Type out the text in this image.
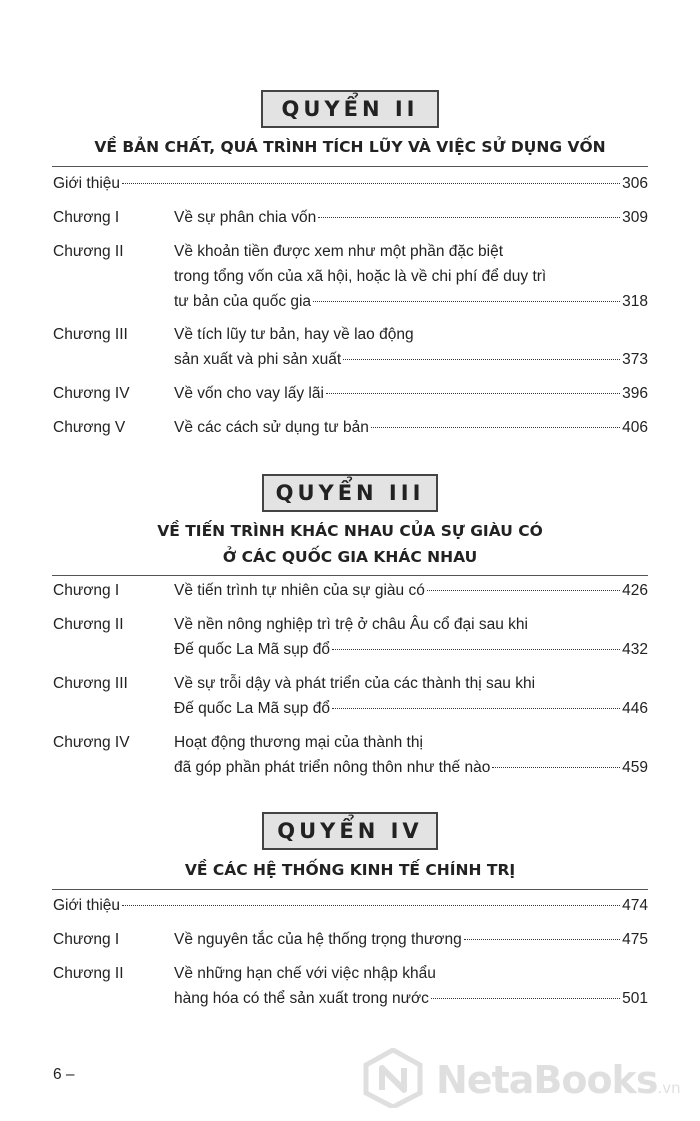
QUYỂN II
VỀ BẢN CHẤT, QUÁ TRÌNH TÍCH LŨY VÀ VIỆC SỬ DỤNG VỐN
Giới thiệu	306
Chương I	Về sự phân chia vốn	309
Chương II	Về khoản tiền được xem như một phần đặc biệt
trong tổng vốn của xã hội, hoặc là về chi phí để duy trì
tư bản của quốc gia	318
Chương III	Về tích lũy tư bản, hay về lao động
sản xuất và phi sản xuất	373
Chương IV	Về vốn cho vay lấy lãi	396
Chương V	Về các cách sử dụng tư bản	406
QUYỂN III
VỀ TIẾN TRÌNH KHÁC NHAU CỦA SỰ GIÀU CÓ
Ở CÁC QUỐC GIA KHÁC NHAU
Chương I	Về tiến trình tự nhiên của sự giàu có	426
Chương II	Về nền nông nghiệp trì trệ ở châu Âu cổ đại sau khi
Đế quốc La Mã sụp đổ	432
Chương III	Về sự trỗi dậy và phát triển của các thành thị sau khi
Đế quốc La Mã sụp đổ	446
Chương IV	Hoạt động thương mại của thành thị
đã góp phần phát triển nông thôn như thế nào	459
QUYỂN IV
VỀ CÁC HỆ THỐNG KINH TẾ CHÍNH TRỊ
Giới thiệu	474
Chương I	Về nguyên tắc của hệ thống trọng thương	475
Chương II	Về những hạn chế với việc nhập khẩu
hàng hóa có thể sản xuất trong nước	501
6 –	NetaBooks.vn
